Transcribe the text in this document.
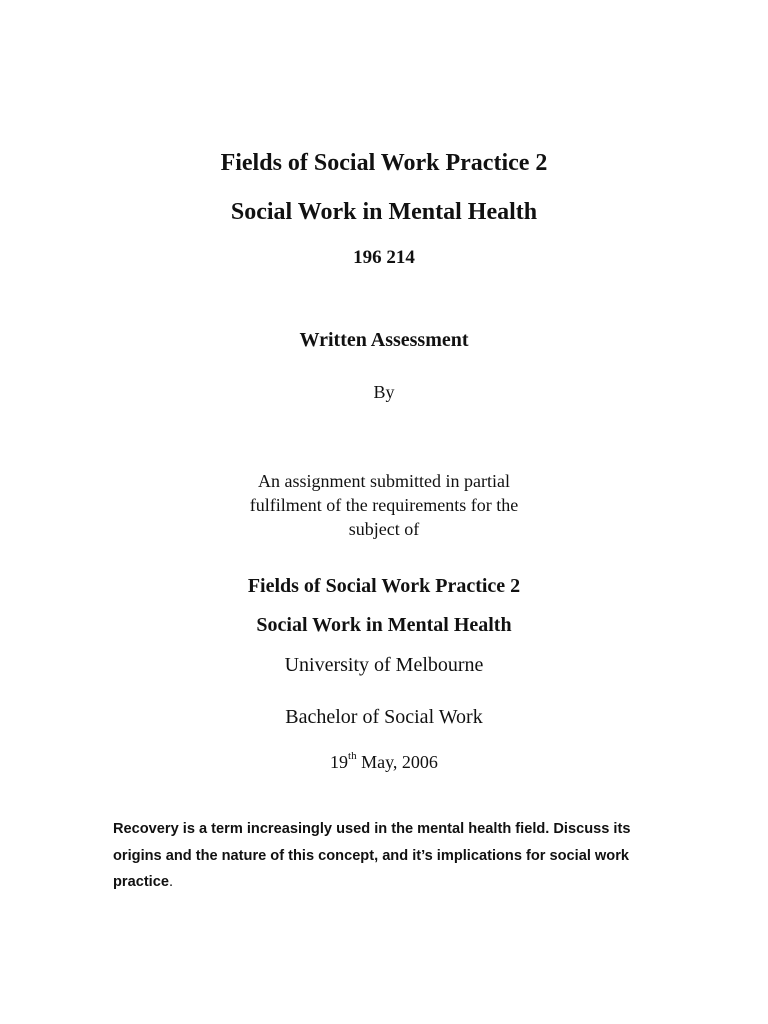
Fields of Social Work Practice 2
Social Work in Mental Health
196 214
Written Assessment
By
An assignment submitted in partial
fulfilment of the requirements for the
subject of
Fields of Social Work Practice 2
Social Work in Mental Health
University of Melbourne
Bachelor of Social Work
19th May, 2006
Recovery is a term increasingly used in the mental health field. Discuss its origins and the nature of this concept, and it’s implications for social work practice.
